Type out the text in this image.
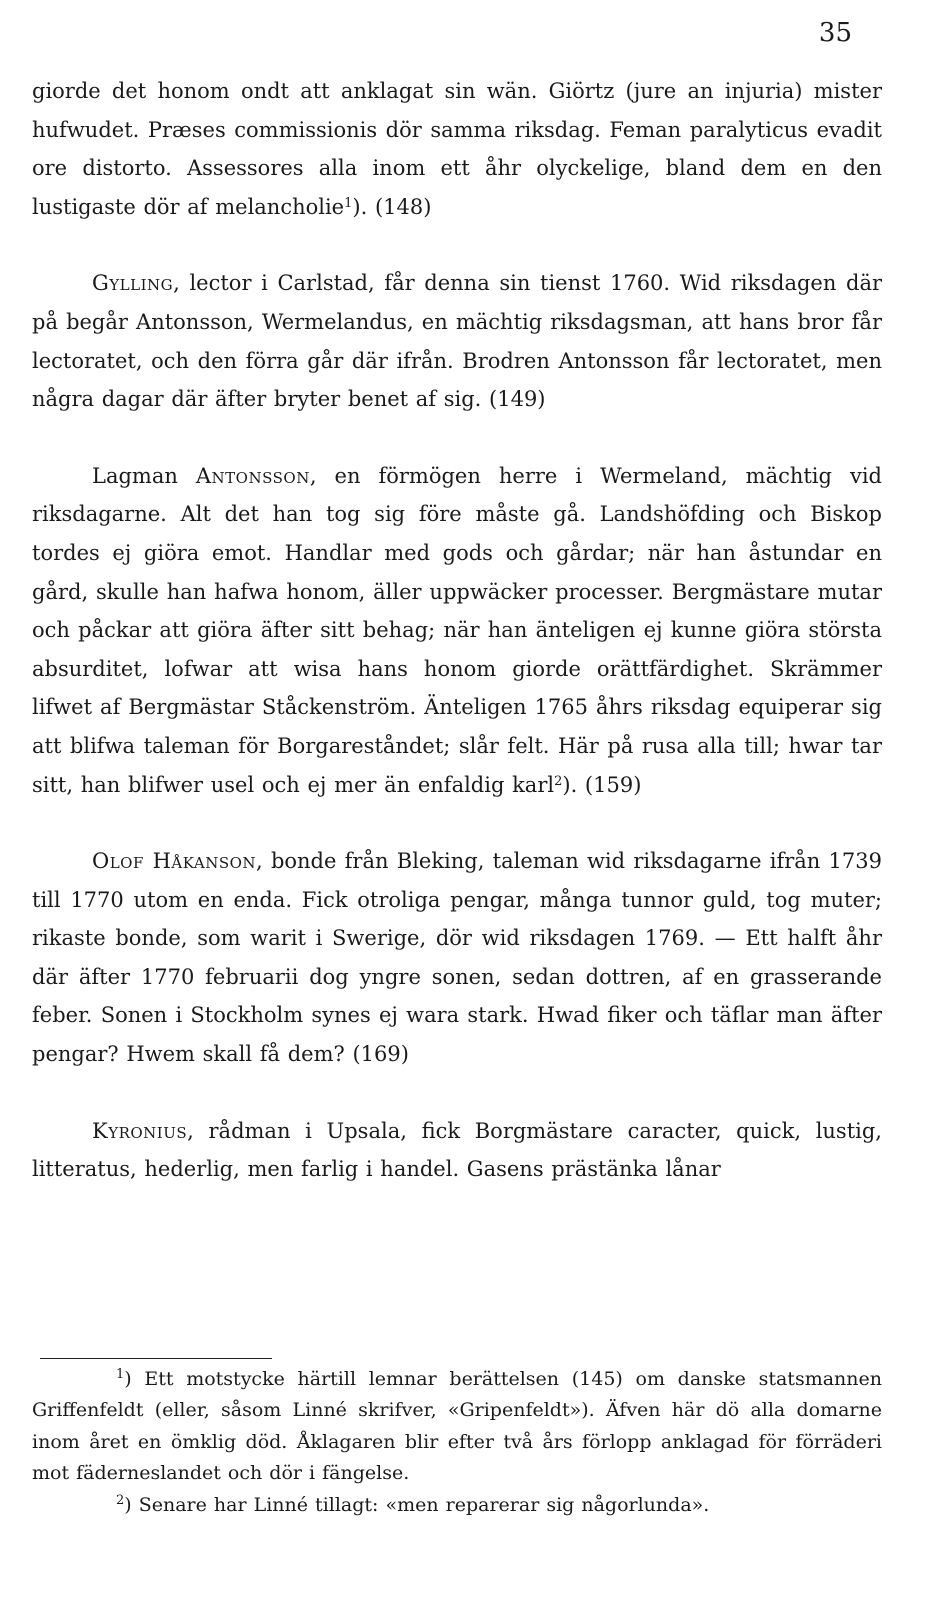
35

giorde det honom ondt att anklagat sin wän. Giörtz (jure an injuria) mister hufwudet. Præses commissionis dör samma riksdag. Feman paralyticus evadit ore distorto. Assessores alla inom ett åhr olyckelige, bland dem en den lustigaste dör af melancholie$^1$). (148)

Gylling, lector i Carlstad, får denna sin tienst 1760. Wid riksdagen där på begår Antonsson, Wermelandus, en mächtig riksdagsman, att hans bror får lectoratet, och den förra går där ifrån. Brodren Antonsson får lectoratet, men några dagar där äfter bryter benet af sig. (149)

Lagman Antonsson, en förmögen herre i Wermeland, mächtig vid riksdagarne. Alt det han tog sig före måste gå. Landshöfding och Biskop tordes ej giöra emot. Handlar med gods och gårdar; när han åstundar en gård, skulle han hafwa honom, äller uppwäcker processer. Bergmästare mutar och påckar att giöra äfter sitt behag; när han änteligen ej kunne giöra största absurditet, lofwar att wisa hans honom giorde orättfärdighet. Skrämmer lifwet af Bergmästar Ståckenström. Änteligen 1765 åhrs riksdag equiperar sig att blifwa taleman för Borgareståndet; slår felt. Här på rusa alla till; hwar tar sitt, han blifwer usel och ej mer än enfaldig karl$^2$). (159)

Olof Håkanson, bonde från Bleking, taleman wid riksdagarne ifrån 1739 till 1770 utom en enda. Fick otroliga pengar, många tunnor guld, tog muter; rikaste bonde, som warit i Swerige, dör wid riksdagen 1769. — Ett halft åhr där äfter 1770 februarii dog yngre sonen, sedan dottren, af en grasserande feber. Sonen i Stockholm synes ej wara stark. Hwad fiker och täflar man äfter pengar? Hwem skall få dem? (169)

Kyronius, rådman i Upsala, fick Borgmästare caracter, quick, lustig, litteratus, hederlig, men farlig i handel. Gasens prästänka lånar

$^1$) Ett motstycke härtill lemnar berättelsen (145) om danske statsmannen Griffenfeldt (eller, såsom Linné skrifver, «Gripenfeldt»). Äfven här dö alla domarne inom året en ömklig död. Åklagaren blir efter två års förlopp anklagad för förräderi mot fäderneslandet och dör i fängelse.

$^2$) Senare har Linné tillagt: «men reparerar sig någorlunda».
